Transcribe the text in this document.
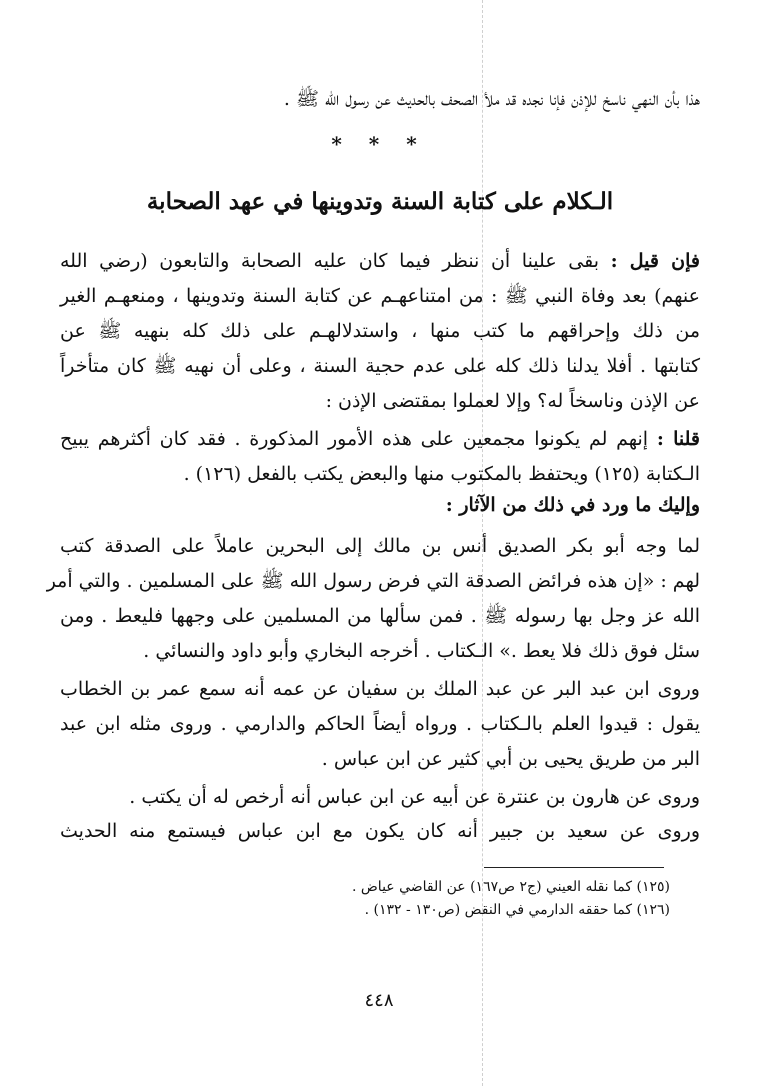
هذا بأن النهي ناسخ للإذن فإنا نجده قد ملأ الصحف بالحديث عن رسول الله ﷺ .
* * *
الـكلام على كتابة السنة وتدوينها في عهد الصحابة
فإن قيل : بقى علينا أن ننظر فيما كان عليه الصحابة والتابعون (رضي الله
عنهم) بعد وفاة النبي ﷺ : من امتناعهـم عن كتابة السنة وتدوينها ، ومنعهـم الغير
من ذلك وإحراقهم ما كتب منها ، واستدلالهـم على ذلك كله بنهيه ﷺ عن
كتابتها . أفلا يدلنا ذلك كله على عدم حجية السنة ، وعلى أن نهيه ﷺ كان متأخراً
عن الإذن وناسخاً له؟ وإلا لعملوا بمقتضى الإذن :
قلنا : إنهم لم يكونوا مجمعين على هذه الأمور المذكورة . فقد كان أكثرهم يبيح
الـكتابة (١٢٥) ويحتفظ بالمكتوب منها والبعض يكتب بالفعل (١٢٦) .
وإليك ما ورد في ذلك من الآثار :
لما وجه أبو بكر الصديق أنس بن مالك إلى البحرين عاملاً على الصدقة كتب
لهم : «إن هذه فرائض الصدقة التي فرض رسول الله ﷺ على المسلمين . والتي أمر
الله عز وجل بها رسوله ﷺ . فمن سألها من المسلمين على وجهها فليعط . ومن
سئل فوق ذلك فلا يعط .» الـكتاب . أخرجه البخاري وأبو داود والنسائي .
وروى ابن عبد البر عن عبد الملك بن سفيان عن عمه أنه سمع عمر بن الخطاب
يقول : قيدوا العلم بالـكتاب . ورواه أيضاً الحاكم والدارمي . وروى مثله ابن عبد
البر من طريق يحيى بن أبي كثير عن ابن عباس .
وروى عن هارون بن عنترة عن أبيه عن ابن عباس أنه أرخص له أن يكتب .
وروى عن سعيد بن جبير أنه كان يكون مع ابن عباس فيستمع منه الحديث
(١٢٥) كما نقله العيني (ج٢ ص١٦٧) عن القاضي عياض .
(١٢٦) كما حققه الدارمي في النقض (ص١٣٠ - ١٣٢) .
٤٤٨
